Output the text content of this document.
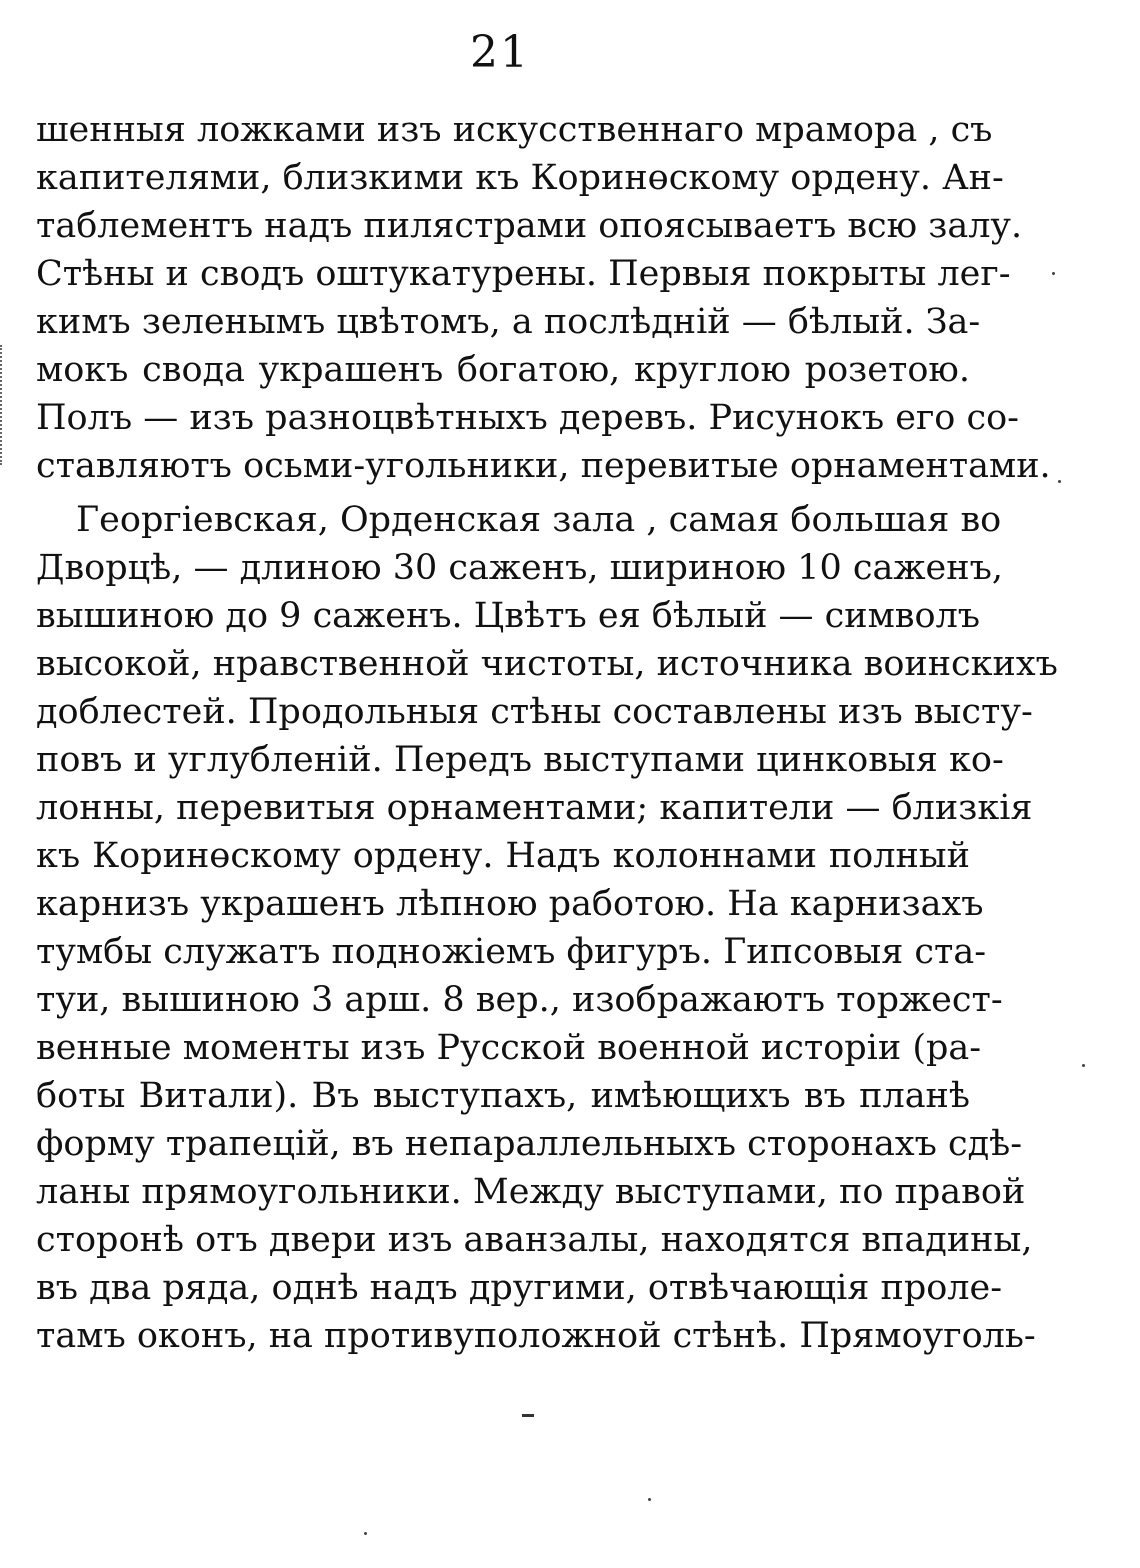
21
шенныя ложками изъ искусственнаго мрамора , съ
капителями, близкими къ Коринөскому ордену. Ан-
таблементъ надъ пилястрами опоясываетъ всю залу.
Стѣны и сводъ оштукатурены. Первыя покрыты лег-
кимъ зеленымъ цвѣтомъ, а послѣдній — бѣлый. За-
мокъ свода украшенъ богатою, круглою розетою.
Полъ — изъ разноцвѣтныхъ деревъ. Рисунокъ его со-
ставляютъ осьми-угольники, перевитые орнаментами.
Георгіевская, Орденская зала , самая большая во
Дворцѣ, — длиною 30 саженъ, шириною 10 саженъ,
вышиною до 9 саженъ. Цвѣтъ ея бѣлый — символъ
высокой, нравственной чистоты, источника воинскихъ
доблестей. Продольныя стѣны составлены изъ высту-
повъ и углубленій. Передъ выступами цинковыя ко-
лонны, перевитыя орнаментами; капители — близкія
къ Коринөскому ордену. Надъ колоннами полный
карнизъ украшенъ лѣпною работою. На карнизахъ
тумбы служатъ подножіемъ фигуръ. Гипсовыя ста-
туи, вышиною 3 арш. 8 вер., изображаютъ торжест-
венные моменты изъ Русской военной исторіи (ра-
боты Витали). Въ выступахъ, имѣющихъ въ планѣ
форму трапецій, въ непараллельныхъ сторонахъ сдѣ-
ланы прямоугольники. Между выступами, по правой
сторонѣ отъ двери изъ аванзалы, находятся впадины,
въ два ряда, однѣ надъ другими, отвѣчающія проле-
тамъ оконъ, на противуположной стѣнѣ. Прямоуголь-
